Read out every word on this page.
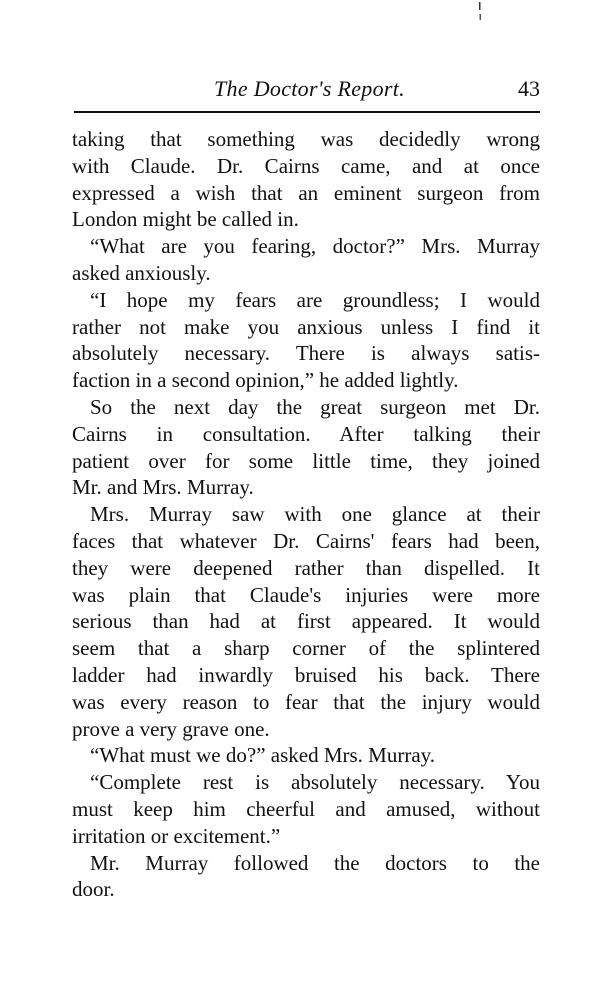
The Doctor's Report.	43
taking that something was decidedly wrong
with Claude. Dr. Cairns came, and at once
expressed a wish that an eminent surgeon from
London might be called in.
“What are you fearing, doctor?” Mrs. Murray
asked anxiously.
“I hope my fears are groundless; I would
rather not make you anxious unless I find it
absolutely necessary. There is always satis-
faction in a second opinion,” he added lightly.
So the next day the great surgeon met Dr.
Cairns in consultation. After talking their
patient over for some little time, they joined
Mr. and Mrs. Murray.
Mrs. Murray saw with one glance at their
faces that whatever Dr. Cairns' fears had been,
they were deepened rather than dispelled. It
was plain that Claude's injuries were more
serious than had at first appeared. It would
seem that a sharp corner of the splintered
ladder had inwardly bruised his back. There
was every reason to fear that the injury would
prove a very grave one.
“What must we do?” asked Mrs. Murray.
“Complete rest is absolutely necessary. You
must keep him cheerful and amused, without
irritation or excitement.”
Mr. Murray followed the doctors to the
door.
